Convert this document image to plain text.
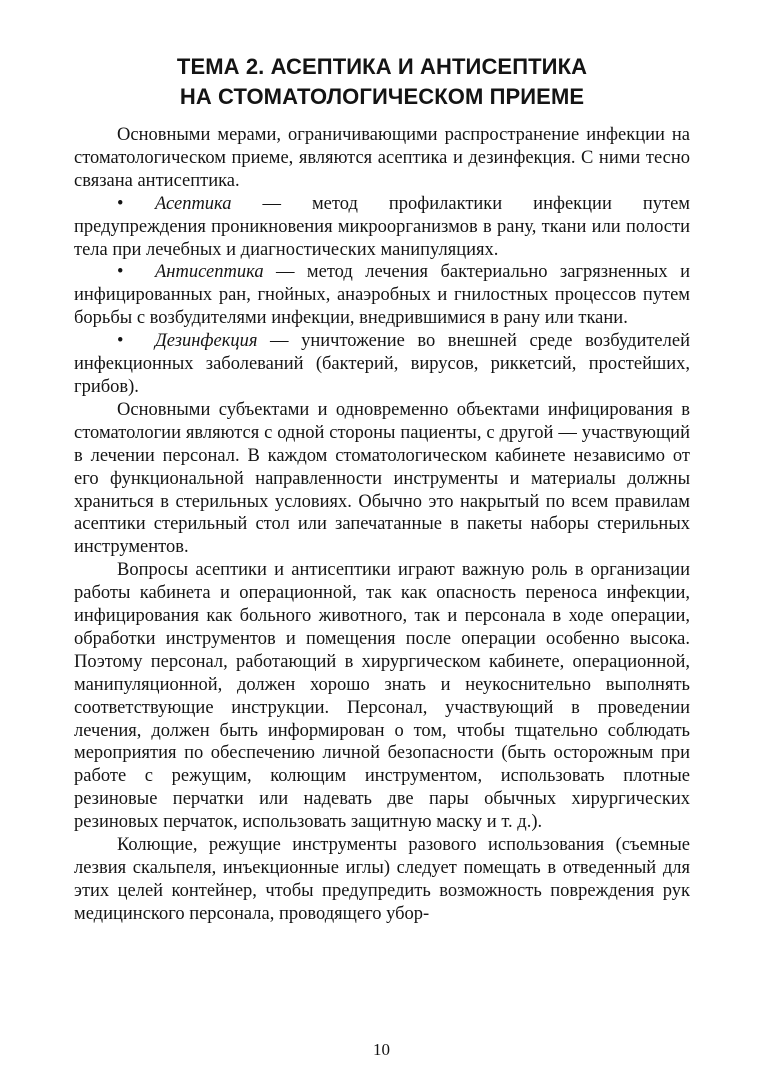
ТЕМА 2. АСЕПТИКА И АНТИСЕПТИКА
НА СТОМАТОЛОГИЧЕСКОМ ПРИЕМЕ

Основными мерами, ограничивающими распространение инфекции на стоматологическом приеме, являются асептика и дезинфекция. С ними тесно связана антисептика.

• Асептика — метод профилактики инфекции путем предупреждения проникновения микроорганизмов в рану, ткани или полости тела при лечебных и диагностических манипуляциях.

• Антисептика — метод лечения бактериально загрязненных и инфицированных ран, гнойных, анаэробных и гнилостных процессов путем борьбы с возбудителями инфекции, внедрившимися в рану или ткани.

• Дезинфекция — уничтожение во внешней среде возбудителей инфекционных заболеваний (бактерий, вирусов, риккетсий, простейших, грибов).

Основными субъектами и одновременно объектами инфицирования в стоматологии являются с одной стороны пациенты, с другой — участвующий в лечении персонал. В каждом стоматологическом кабинете независимо от его функциональной направленности инструменты и материалы должны храниться в стерильных условиях. Обычно это накрытый по всем правилам асептики стерильный стол или запечатанные в пакеты наборы стерильных инструментов.

Вопросы асептики и антисептики играют важную роль в организации работы кабинета и операционной, так как опасность переноса инфекции, инфицирования как больного животного, так и персонала в ходе операции, обработки инструментов и помещения после операции особенно высока. Поэтому персонал, работающий в хирургическом кабинете, операционной, манипуляционной, должен хорошо знать и неукоснительно выполнять соответствующие инструкции. Персонал, участвующий в проведении лечения, должен быть информирован о том, чтобы тщательно соблюдать мероприятия по обеспечению личной безопасности (быть осторожным при работе с режущим, колющим инструментом, использовать плотные резиновые перчатки или надевать две пары обычных хирургических резиновых перчаток, использовать защитную маску и т. д.).

Колющие, режущие инструменты разового использования (съемные лезвия скальпеля, инъекционные иглы) следует помещать в отведенный для этих целей контейнер, чтобы предупредить возможность повреждения рук медицинского персонала, проводящего убор-

10
